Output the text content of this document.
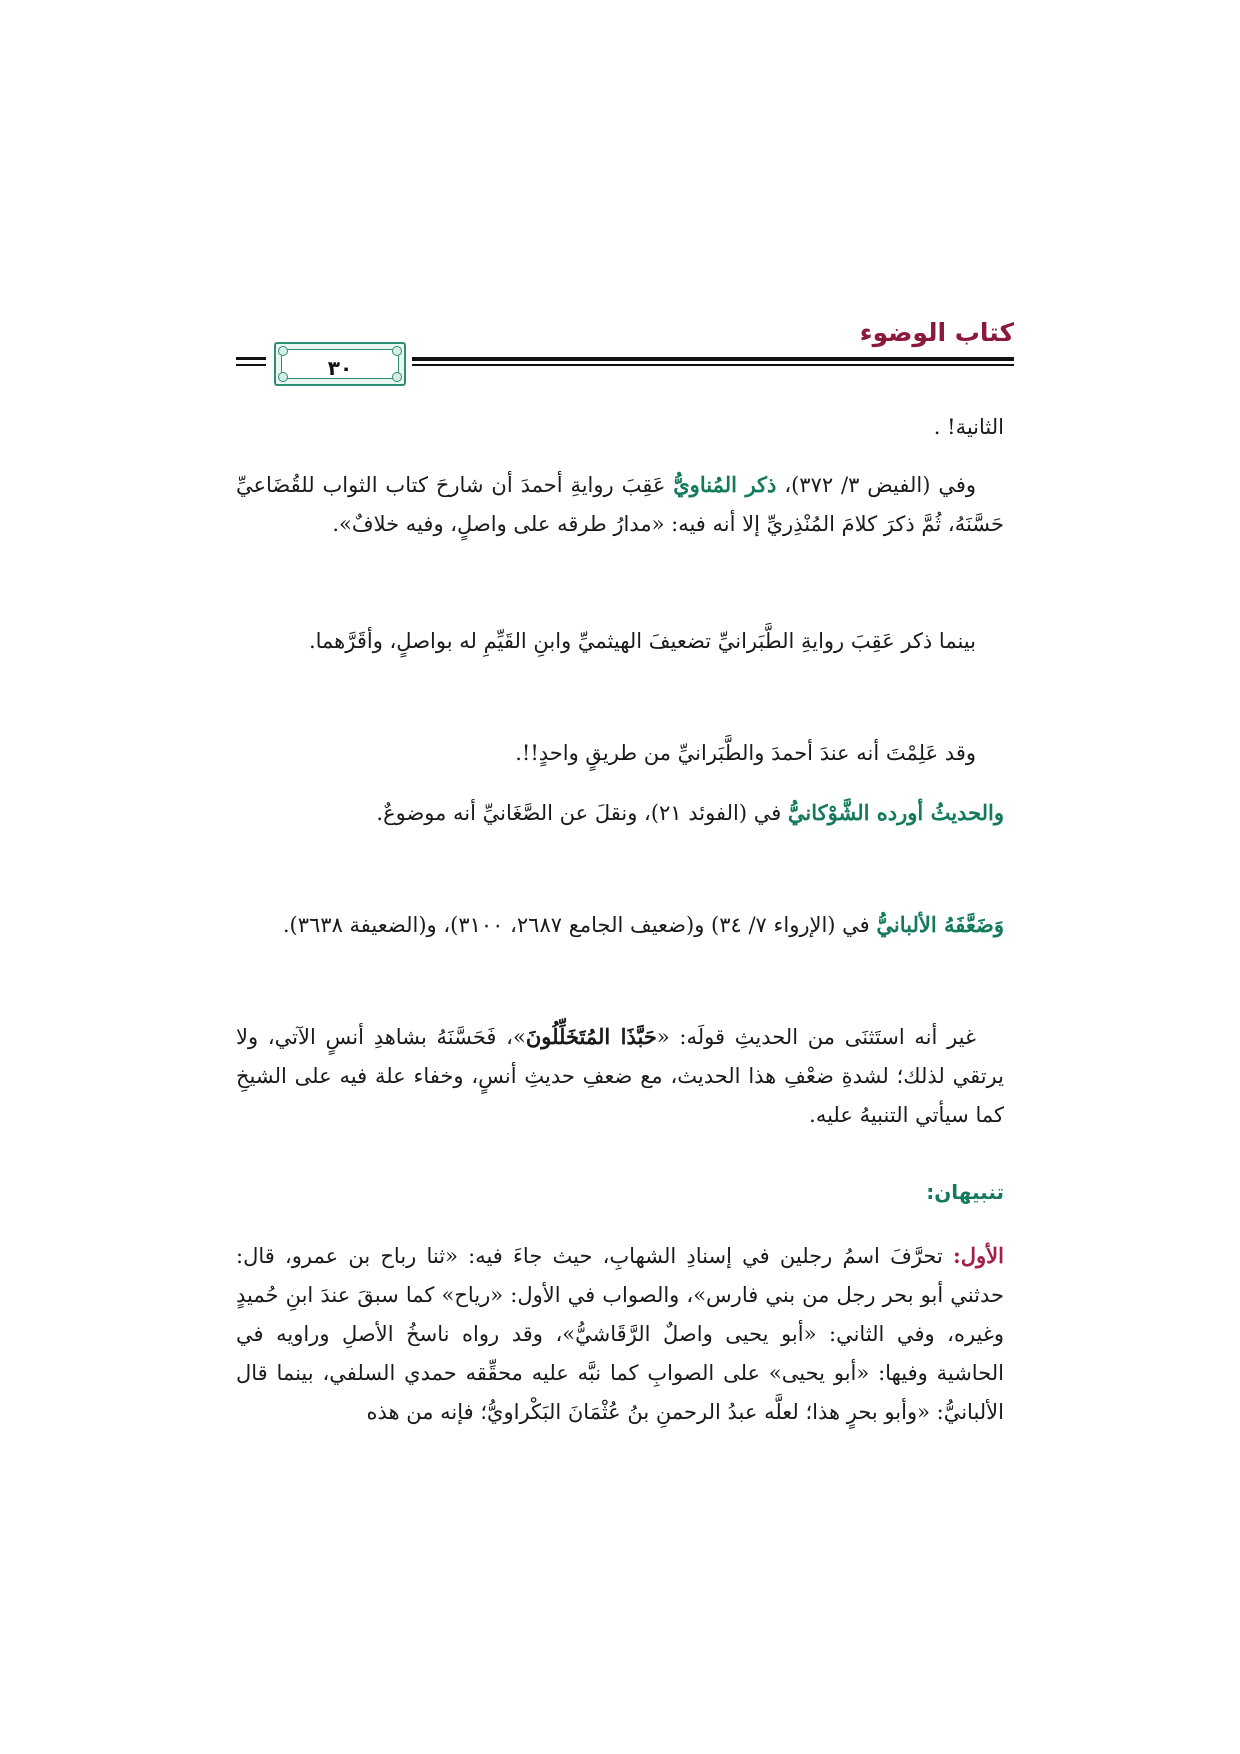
كتاب الوضوء
٣٠

الثانية! .

وفي (الفيض ٣/ ٣٧٢)، ذكر المُناويُّ عَقِبَ روايةِ أحمدَ أن شارحَ كتاب الثواب للقُضَاعيِّ حَسَّنَهُ، ثُمَّ ذكرَ كلامَ المُنْذِريِّ إلا أنه فيه: «مدارُ طرقه على واصلٍ، وفيه خلافٌ».

بينما ذكر عَقِبَ روايةِ الطَّبَرانيِّ تضعيفَ الهيثميِّ وابنِ القَيِّمِ له بواصلٍ، وأقَرَّهما.

وقد عَلِمْتَ أنه عندَ أحمدَ والطَّبَرانيِّ من طريقٍ واحدٍ!!.

والحديثُ أورده الشَّوْكانيُّ في (الفوئد ٢١)، ونقلَ عن الصَّغَانيِّ أنه موضوعٌ.

وَضَعَّفَهُ الألبانيُّ في (الإرواء ٧/ ٣٤) و(ضعيف الجامع ٢٦٨٧، ٣١٠٠)، و(الضعيفة ٣٦٣٨).

غير أنه استَثنَى من الحديثِ قولَه: «حَبَّذَا المُتَخَلِّلُونَ»، فَحَسَّنَهُ بشاهدِ أنسٍ الآتي، ولا يرتقي لذلك؛ لشدةِ ضعْفِ هذا الحديث، مع ضعفِ حديثِ أنسٍ، وخفاء علة فيه على الشيخِ كما سيأتي التنبيهُ عليه.

تنبيهان:

الأول: تحرَّفَ اسمُ رجلين في إسنادِ الشهابِ، حيث جاءَ فيه: «ثنا رباح بن عمرو، قال: حدثني أبو بحر رجل من بني فارس»، والصواب في الأول: «رياح» كما سبقَ عندَ ابنِ حُميدٍ وغيره، وفي الثاني: «أبو يحيى واصلٌ الرَّقَاشيُّ»، وقد رواه ناسخُ الأصلِ وراويه في الحاشية وفيها: «أبو يحيى» على الصوابِ كما نبَّه عليه محقِّقه حمدي السلفي، بينما قال الألبانيُّ: «وأبو بحرٍ هذا؛ لعلَّه عبدُ الرحمنِ بنُ عُثْمَانَ البَكْراويُّ؛ فإنه من هذه
